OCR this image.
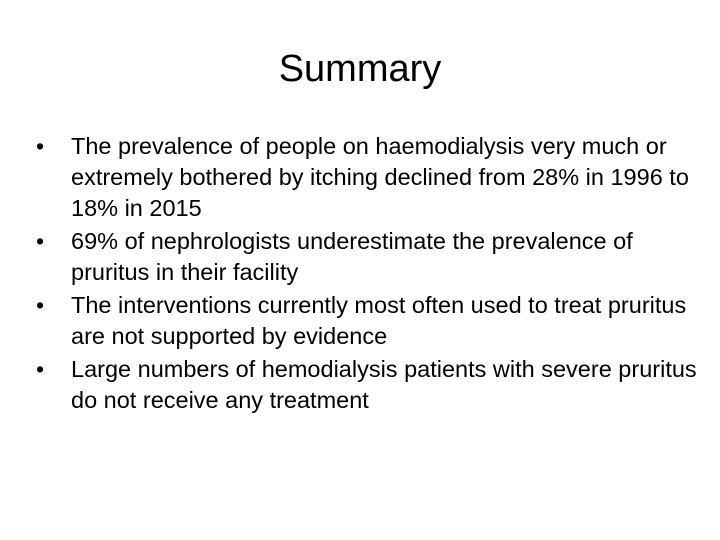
Summary
•	The prevalence of people on haemodialysis very much or extremely bothered by itching declined from 28% in 1996 to 18% in 2015
•	69% of nephrologists underestimate the prevalence of pruritus in their facility
•	The interventions currently most often used to treat pruritus are not supported by evidence
•	Large numbers of hemodialysis patients with severe pruritus do not receive any treatment
